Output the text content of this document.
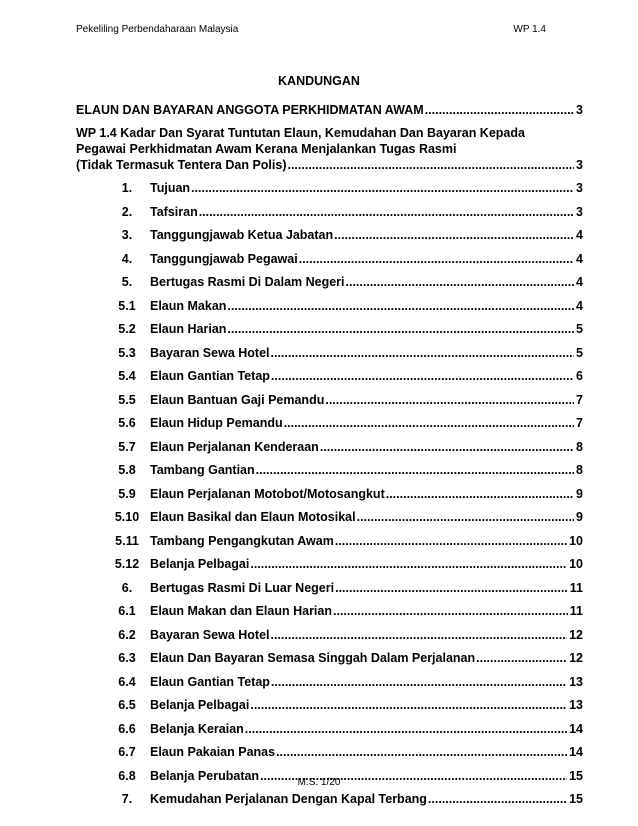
Pekeliling Perbendaharaan Malaysia	WP 1.4
KANDUNGAN
ELAUN DAN BAYARAN ANGGOTA PERKHIDMATAN AWAM .....	3
WP 1.4 Kadar Dan Syarat Tuntutan Elaun, Kemudahan Dan Bayaran Kepada
Pegawai Perkhidmatan Awam Kerana Menjalankan Tugas Rasmi
(Tidak Termasuk Tentera Dan Polis) .....	3
1.	Tujuan .....	3
2.	Tafsiran .....	3
3.	Tanggungjawab Ketua Jabatan .....	4
4.	Tanggungjawab Pegawai .....	4
5.	Bertugas Rasmi Di Dalam Negeri .....	4
5.1	Elaun Makan .....	4
5.2	Elaun Harian .....	5
5.3	Bayaran Sewa Hotel .....	5
5.4	Elaun Gantian Tetap .....	6
5.5	Elaun Bantuan Gaji Pemandu .....	7
5.6	Elaun Hidup Pemandu .....	7
5.7	Elaun Perjalanan Kenderaan .....	8
5.8	Tambang Gantian .....	8
5.9	Elaun Perjalanan Motobot/Motosangkut .....	9
5.10 Elaun Basikal dan Elaun Motosikal .....	9
5.11 Tambang Pengangkutan Awam .....	10
5.12 Belanja Pelbagai .....	10
6.	Bertugas Rasmi Di Luar Negeri .....	11
6.1	Elaun Makan dan Elaun Harian .....	11
6.2	Bayaran Sewa Hotel .....	12
6.3	Elaun Dan Bayaran Semasa Singgah Dalam Perjalanan .....	12
6.4	Elaun Gantian Tetap .....	13
6.5	Belanja Pelbagai .....	13
6.6	Belanja Keraian .....	14
6.7	Elaun Pakaian Panas .....	14
6.8	Belanja Perubatan .....	15
7.	Kemudahan Perjalanan Dengan Kapal Terbang .....	15
M.S. 1/20
